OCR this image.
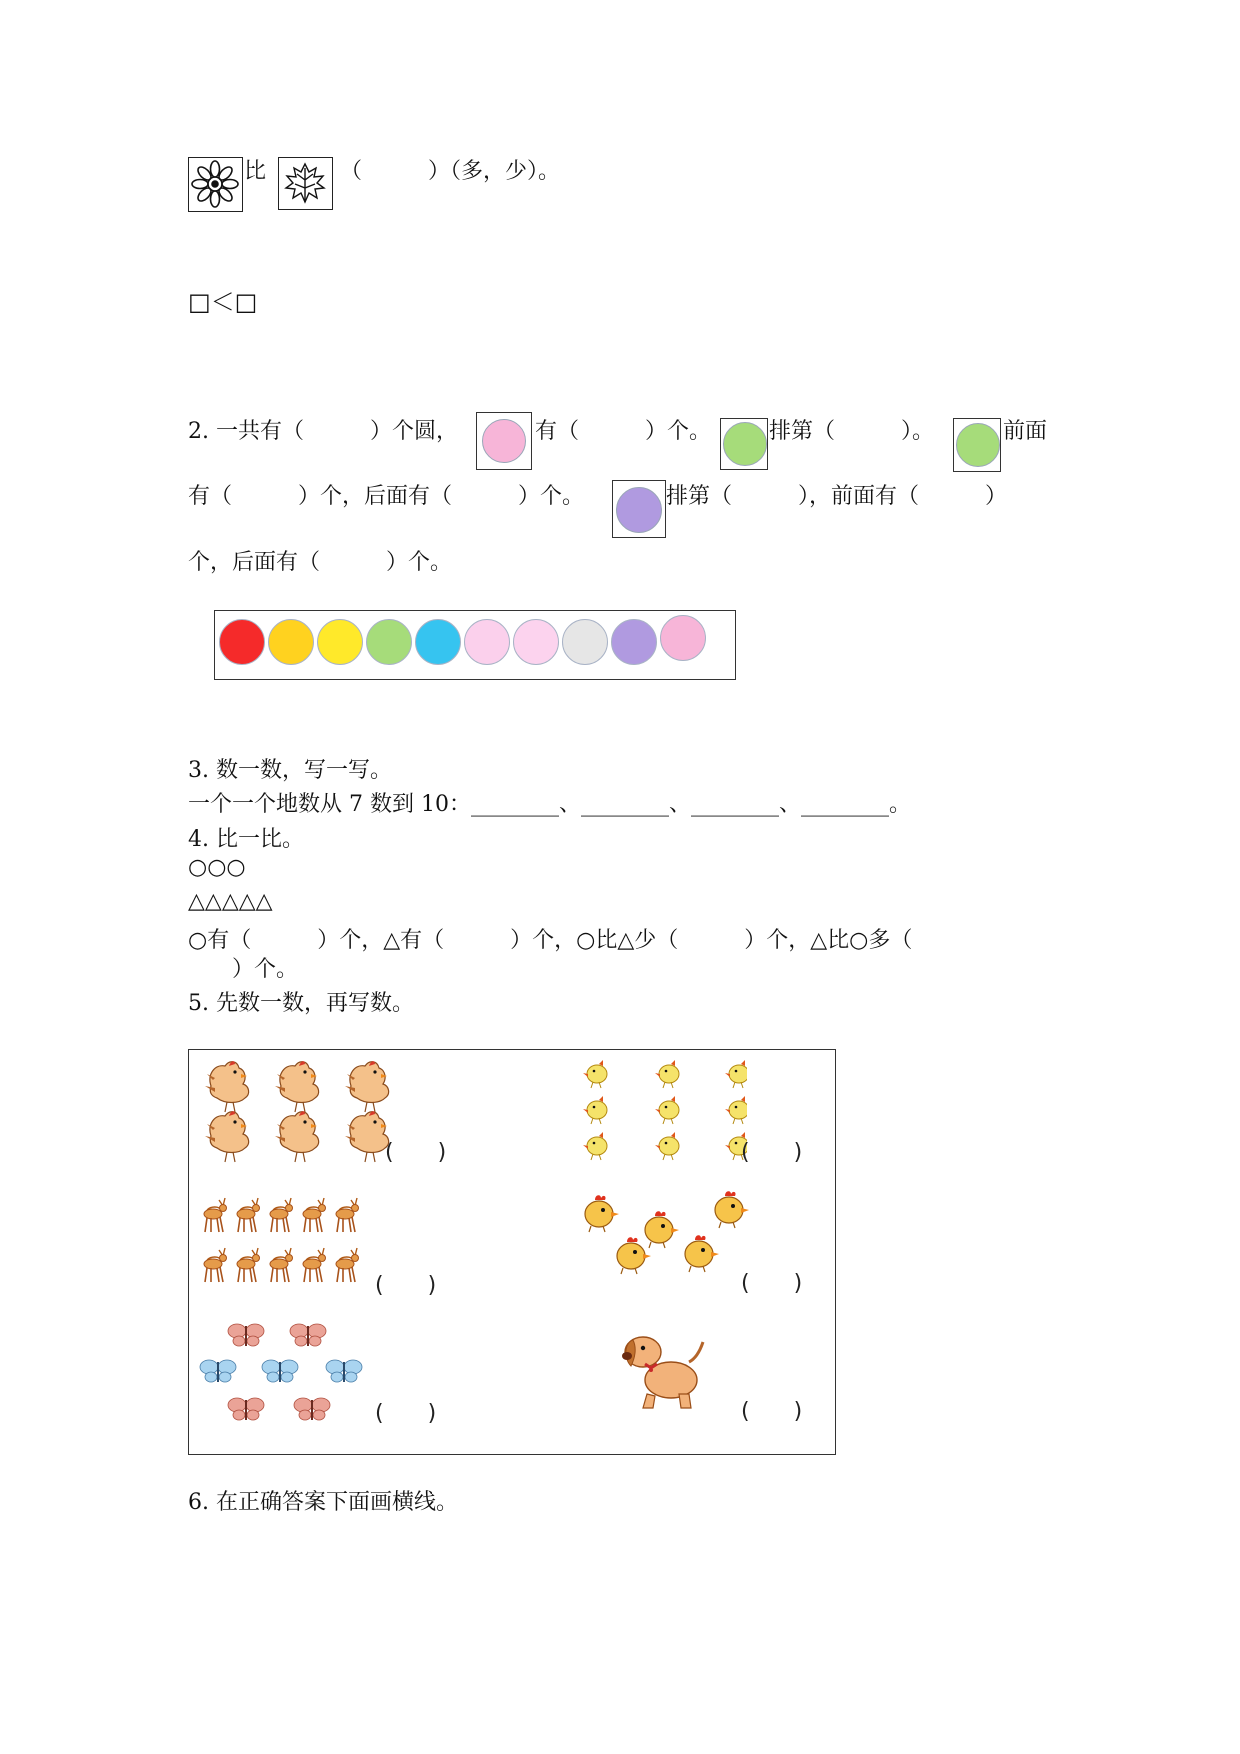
比	（　　　）（多，少）。
□＜□
2. 一共有（　　　）个圆，	有（　　　）个。	排第（　　　）。	前面
有（　　　）个，后面有（　　　）个。	排第（　　　），前面有（　　　）
个，后面有（　　　）个。
3. 数一数，写一写。
一个一个地数从 7 数到 10：________、________、________、________。
4. 比一比。
○○○
△△△△△
○有（　　　）个，△有（　　　）个，○比△少（　　　）个，△比○多（
　　）个。
5. 先数一数，再写数。
(　　)	(　　)
(　　)	(　　)
(　　)	(　　)
6. 在正确答案下面画横线。
